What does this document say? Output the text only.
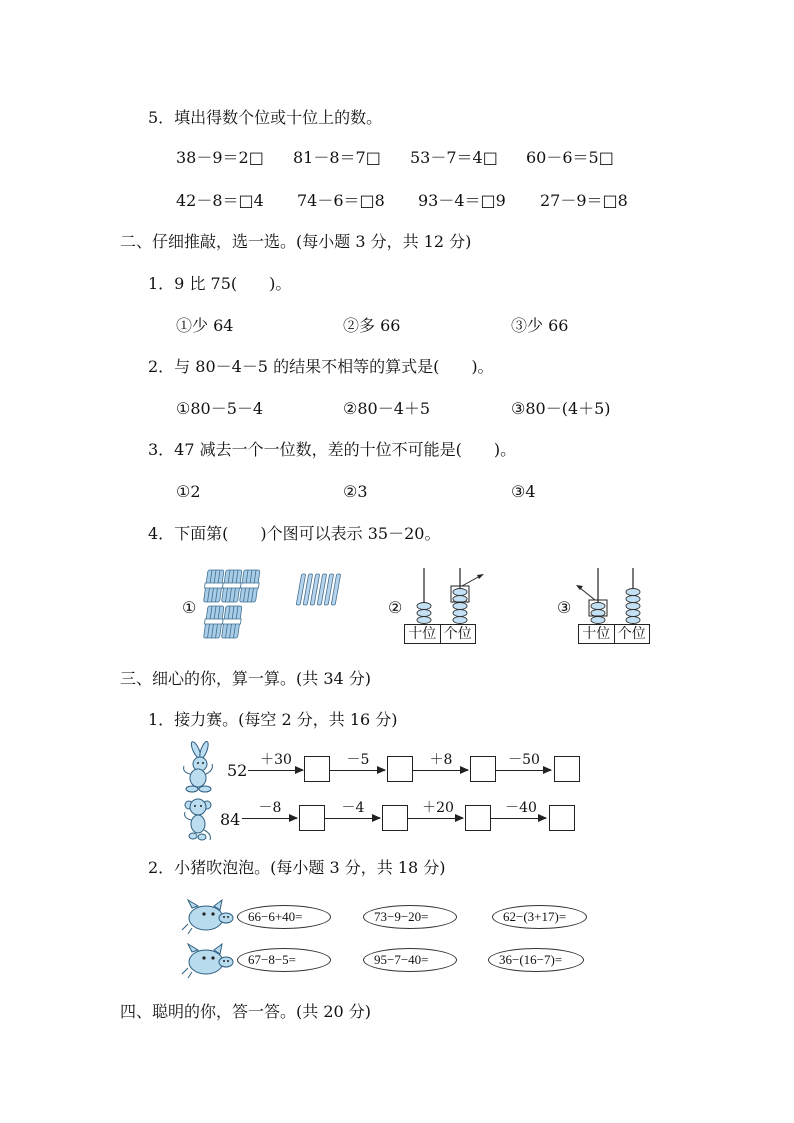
5．填出得数个位或十位上的数。
38－9＝2□ 81－8＝7□ 53－7＝4□ 60－6＝5□
42－8＝□4 74－6＝□8 93－4＝□9 27－9＝□8
二、仔细推敲，选一选。(每小题 3 分，共 12 分)
1．9 比 75(　　)。
①少 64	②多 66	③少 66
2．与 80－4－5 的结果不相等的算式是(　　)。
①80－5－4	②80－4＋5	③80－(4＋5)
3．47 减去一个一位数，差的十位不可能是(　　)。
①2	②3	③4
4．下面第(　　)个图可以表示 35－20。
①	②
十位 个位
③
十位 个位
三、细心的你，算一算。(共 34 分)
1．接力赛。(每空 2 分，共 16 分)
52
＋30	－5	＋8	－50
84
－8	－4	＋20	－40
2．小猪吹泡泡。(每小题 3 分，共 18 分)
66−6+40=	73−9−20=	62−(3+17)=
67−8−5=	95−7−40=	36−(16−7)=
四、聪明的你，答一答。(共 20 分)
